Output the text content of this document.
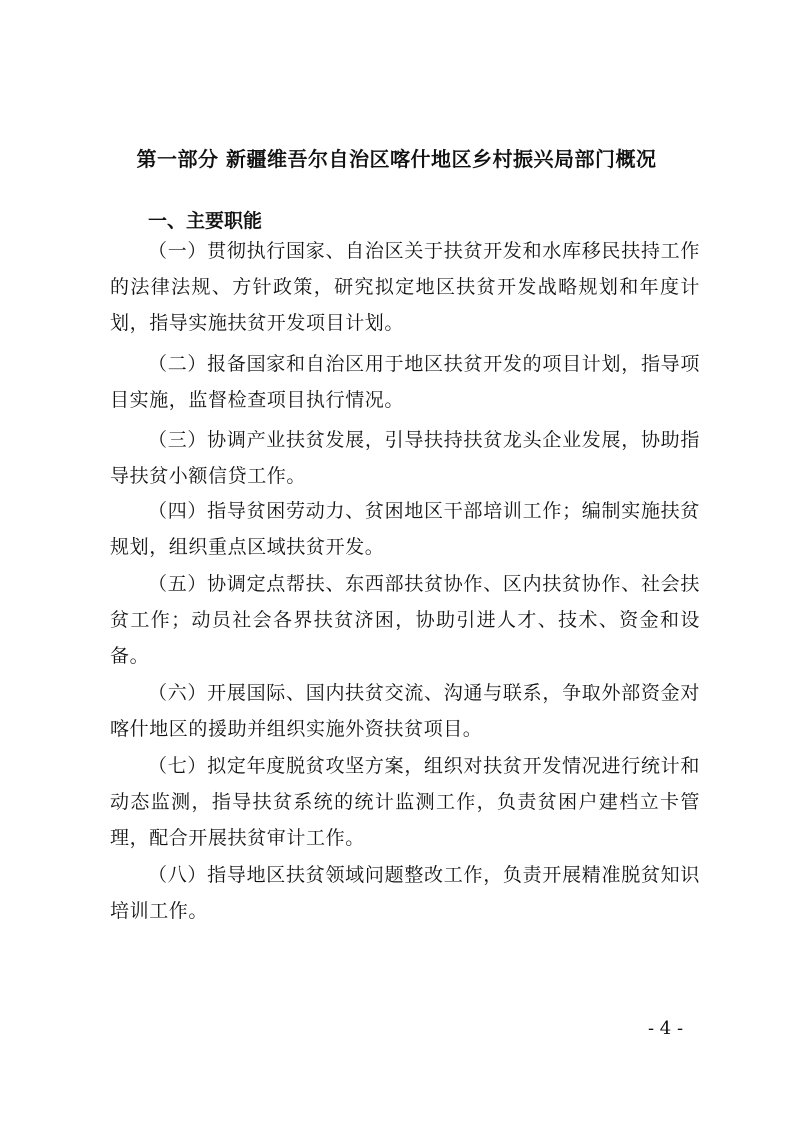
第一部分 新疆维吾尔自治区喀什地区乡村振兴局部门概况
一、主要职能
（一）贯彻执行国家、自治区关于扶贫开发和水库移民扶持工作的法律法规、方针政策，研究拟定地区扶贫开发战略规划和年度计划，指导实施扶贫开发项目计划。
（二）报备国家和自治区用于地区扶贫开发的项目计划，指导项目实施，监督检查项目执行情况。
（三）协调产业扶贫发展，引导扶持扶贫龙头企业发展，协助指导扶贫小额信贷工作。
（四）指导贫困劳动力、贫困地区干部培训工作；编制实施扶贫规划，组织重点区域扶贫开发。
（五）协调定点帮扶、东西部扶贫协作、区内扶贫协作、社会扶贫工作；动员社会各界扶贫济困，协助引进人才、技术、资金和设备。
（六）开展国际、国内扶贫交流、沟通与联系，争取外部资金对喀什地区的援助并组织实施外资扶贫项目。
（七）拟定年度脱贫攻坚方案，组织对扶贫开发情况进行统计和动态监测，指导扶贫系统的统计监测工作，负责贫困户建档立卡管理，配合开展扶贫审计工作。
（八）指导地区扶贫领域问题整改工作，负责开展精准脱贫知识培训工作。
- 4 -
